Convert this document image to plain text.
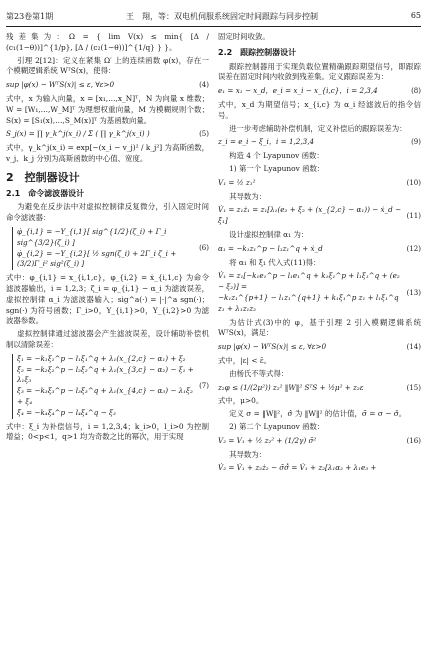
第23卷第1期	王　翔，等：双电机伺服系统固定时间跟踪与同步控制	65

残差集为：Ω = { lim V(x) ≤ min{ [Δ / (c₁(1−θ))]^{1/p}, [Δ / (c₂(1−θ))]^{1/q} } }。

引理 2[12]：定义在紧集 Ω′ 上的连续函数 φ(x)，存在一个模糊逻辑系统 WᵀS(x)，使得：

sup |φ(x) − WᵀS(x)| ≤ ε, ∀ε>0	(4)

式中，x 为输入向量，x = [x₁,…,x_N]ᵀ，N 为向量 x 维数；W = [W₁,…,W_M]ᵀ 为理想权重向量，M 为模糊规则个数；S(x) = [S₁(x),…,S_M(x)]ᵀ 为基函数向量。

S_j(x) = ∏ γ_k^j(x_i) / Σ ( ∏ γ_k^j(x_i) )	(5)

式中，γ_k^j(x_i) = exp[−(x_i − v_j)² / k_j²] 为高斯函数，v_j、k_j 分别为高斯函数的中心值、宽度。

2　控制器设计
2.1　命令滤波器设计

为避免在反步法中对虚拟控制律反复微分，引入固定时间命令滤波器：

φ̇_{i,1} = −Y_{i,1}[ sig^{1/2}(ζ_i) + Γ_i sig^{3/2}(ζ_i) ]
φ̇_{i,2} = −Y_{i,2}[ ½ sgn(ζ_i) + 2Γ_i ζ_i + (3/2)Γ_i² sig²(ζ_i) ]
(6)

式中：φ_{i,1} = x_{i,1,c}，φ_{i,2} = ẋ_{i,1,c} 为命令滤波器输出，i = 1,2,3；ζ_i = φ_{i,1} − α_i 为滤波误差，虚拟控制律 α_i 为滤波器输入；sig^a(·) = |·|^a sgn(·)；sgn(·) 为符号函数；Γ_i>0，Y_{i,1}>0，Y_{i,2}>0 为滤波器参数。

虚拟控制律通过滤波器会产生滤波误差，设计辅助补偿机制以清除误差：

ξ̇₁ = −k₁ξ₁^p − l₁ξ₁^q + λ₁(x_{2,c} − α₁) + ξ₂
ξ̇₂ = −k₂ξ₂^p − l₂ξ₂^q + λ₁(x_{3,c} − α₂) − ξ₁ + λ₁ξ₃
ξ̇₃ = −k₃ξ₃^p − l₃ξ₃^q + λ₁(x_{4,c} − α₃) − λ₁ξ₂ + ξ₄
ξ̇₄ = −k₄ξ₄^p − l₄ξ₄^q − ξ₃
(7)

式中：ξ_i 为补偿信号，i = 1,2,3,4；k_i>0，l_i>0 为控制增益；0<p<1，q>1 均为奇数之比的幂次，用于实现

固定时间收敛。

2.2　跟踪控制器设计

跟踪控制器用于实现负载位置精确跟踪期望信号，即跟踪误差在固定时间内收敛到残差集。定义跟踪误差为：

e₁ = x₁ − x_d，e_i = x_i − x_{i,c}，i = 2,3,4	(8)

式中，x_d 为期望信号；x_{i,c} 为 α_i 经滤波后的指令信号。

进一步考虑辅助补偿机制，定义补偿后的跟踪误差为：

z_i = e_i − ξ_i，i = 1,2,3,4	(9)

构造 4 个 Lyapunov 函数：

1) 第一个 Lyapunov 函数：

V₁ = ½ z₁²	(10)

其导数为：

V̇₁ = z₁ż₁ = z₁[λ₁(e₂ + ξ₂ + (x_{2,c} − α₁)) − ẋ_d − ξ̇₁]
(11)

设计虚拟控制律 α₁ 为：

α₁ = −k₁z₁^p − l₁z₁^q + ẋ_d	(12)

将 α₁ 和 ξ̇₁ 代入式(11)得：

V̇₁ = z₁[−k₁e₁^p − l₁e₁^q + k₁ξ₁^p + l₁ξ₁^q + (e₂ − ξ₂)] =
−k₁z₁^{p+1} − l₁z₁^{q+1} + k₁ξ₁^p z₁ + l₁ξ₁^q z₁ + λ₁z₁z₂
(13)

为估计式(3)中的 φ，基于引理 2 引入模糊逻辑系统 WᵀS(x)，满足：

sup |φ(x) − WᵀS(x)| ≤ ε, ∀ε>0	(14)

式中，|ε| < ε̄。

由杨氏不等式得：

z₂φ ≤ (1/(2μ²)) z₂² ‖W‖² SᵀS + ½μ² + z₂ε	(15)

式中，μ>0。

定义 σ = ‖W‖²，σ̂ 为 ‖W‖² 的估计值，σ̃ = σ − σ̂。

2) 第二个 Lyapunov 函数：

V₂ = V₁ + ½ z₂² + (1/2γ) σ̃²	(16)

其导数为：

V̇₂ = V̇₁ + z₂ż₂ − σ̃σ̂̇ = V̇₁ + z₂[λ₁α₂ + λ₁e₃ +
